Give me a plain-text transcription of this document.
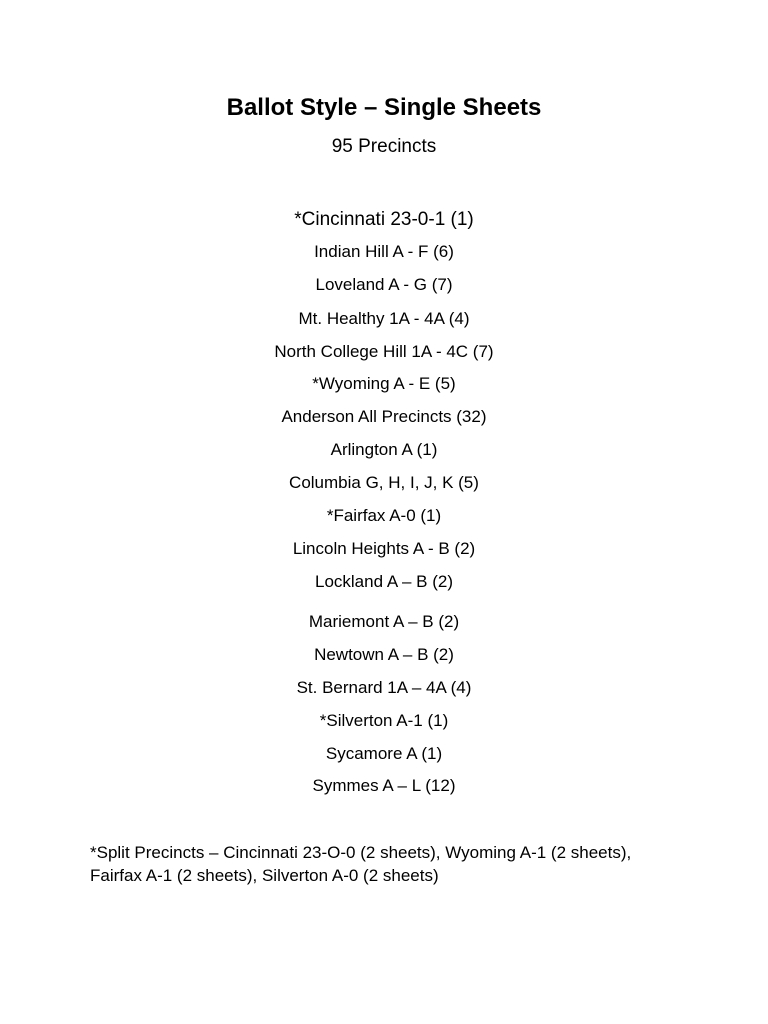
Ballot Style – Single Sheets
95 Precincts
*Cincinnati 23-0-1 (1)
Indian Hill A - F (6)
Loveland A - G (7)
Mt. Healthy 1A - 4A (4)
North College Hill 1A - 4C (7)
*Wyoming A - E (5)
Anderson All Precincts (32)
Arlington A (1)
Columbia G, H, I, J, K (5)
*Fairfax A-0 (1)
Lincoln Heights A - B (2)
Lockland A – B (2)
Mariemont A – B (2)
Newtown A – B (2)
St. Bernard 1A – 4A (4)
*Silverton A-1 (1)
Sycamore A (1)
Symmes A – L (12)
*Split Precincts – Cincinnati 23-O-0 (2 sheets), Wyoming A-1 (2 sheets),
Fairfax A-1 (2 sheets), Silverton A-0 (2 sheets)
